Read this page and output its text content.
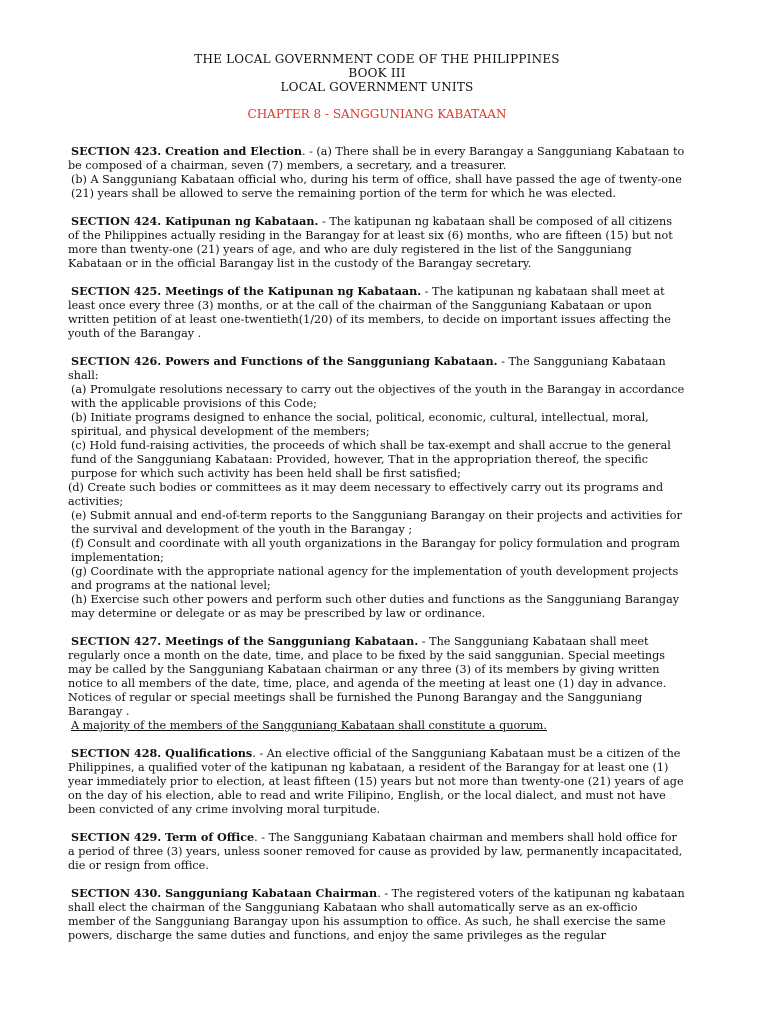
THE LOCAL GOVERNMENT CODE OF THE PHILIPPINES
BOOK III
LOCAL GOVERNMENT UNITS
CHAPTER 8 - SANGGUNIANG KABATAAN

SECTION 423. Creation and Election. - (a) There shall be in every Barangay a Sangguniang Kabataan to be composed of a chairman, seven (7) members, a secretary, and a treasurer.

(b) A Sangguniang Kabataan official who, during his term of office, shall have passed the age of twenty-one (21) years shall be allowed to serve the remaining portion of the term for which he was elected.

SECTION 424. Katipunan ng Kabataan. - The katipunan ng kabataan shall be composed of all citizens of the Philippines actually residing in the Barangay for at least six (6) months, who are fifteen (15) but not more than twenty-one (21) years of age, and who are duly registered in the list of the Sangguniang Kabataan or in the official Barangay list in the custody of the Barangay secretary.

SECTION 425. Meetings of the Katipunan ng Kabataan. - The katipunan ng kabataan shall meet at least once every three (3) months, or at the call of the chairman of the Sangguniang Kabataan or upon written petition of at least one-twentieth(1/20) of its members, to decide on important issues affecting the youth of the Barangay .

SECTION 426. Powers and Functions of the Sangguniang Kabataan. - The Sangguniang Kabataan shall:

(a) Promulgate resolutions necessary to carry out the objectives of the youth in the Barangay in accordance with the applicable provisions of this Code;

(b) Initiate programs designed to enhance the social, political, economic, cultural, intellectual, moral, spiritual, and physical development of the members;

(c) Hold fund-raising activities, the proceeds of which shall be tax-exempt and shall accrue to the general fund of the Sangguniang Kabataan: Provided, however, That in the appropriation thereof, the specific purpose for which such activity has been held shall be first satisfied;

(d) Create such bodies or committees as it may deem necessary to effectively carry out its programs and activities;

(e) Submit annual and end-of-term reports to the Sangguniang Barangay on their projects and activities for the survival and development of the youth in the Barangay ;

(f) Consult and coordinate with all youth organizations in the Barangay for policy formulation and program implementation;

(g) Coordinate with the appropriate national agency for the implementation of youth development projects and programs at the national level;

(h) Exercise such other powers and perform such other duties and functions as the Sangguniang Barangay may determine or delegate or as may be prescribed by law or ordinance.

SECTION 427. Meetings of the Sangguniang Kabataan. - The Sangguniang Kabataan shall meet regularly once a month on the date, time, and place to be fixed by the said sanggunian. Special meetings may be called by the Sangguniang Kabataan chairman or any three (3) of its members by giving written notice to all members of the date, time, place, and agenda of the meeting at least one (1) day in advance. Notices of regular or special meetings shall be furnished the Punong Barangay and the Sangguniang Barangay .

A majority of the members of the Sangguniang Kabataan shall constitute a quorum.

SECTION 428. Qualifications. - An elective official of the Sangguniang Kabataan must be a citizen of the Philippines, a qualified voter of the katipunan ng kabataan, a resident of the Barangay for at least one (1) year immediately prior to election, at least fifteen (15) years but not more than twenty-one (21) years of age on the day of his election, able to read and write Filipino, English, or the local dialect, and must not have been convicted of any crime involving moral turpitude.

SECTION 429. Term of Office. - The Sangguniang Kabataan chairman and members shall hold office for a period of three (3) years, unless sooner removed for cause as provided by law, permanently incapacitated, die or resign from office.

SECTION 430. Sangguniang Kabataan Chairman. - The registered voters of the katipunan ng kabataan shall elect the chairman of the Sangguniang Kabataan who shall automatically serve as an ex-officio member of the Sangguniang Barangay upon his assumption to office. As such, he shall exercise the same powers, discharge the same duties and functions, and enjoy the same privileges as the regular
